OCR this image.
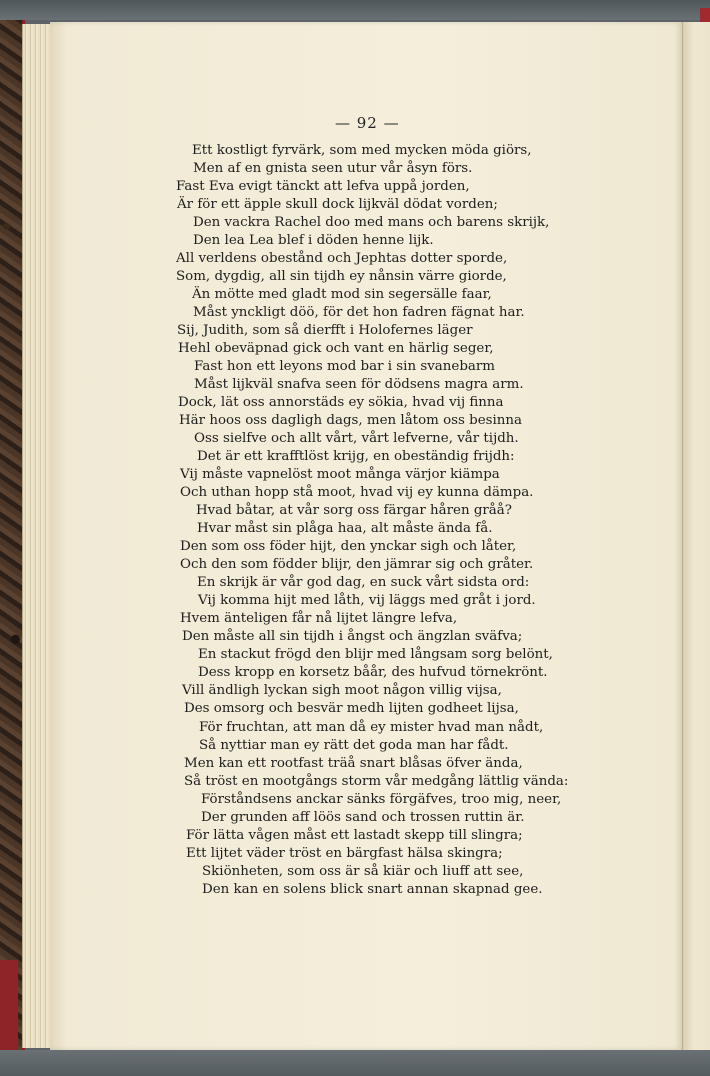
— 92 —
Ett kostligt fyrvärk, som med mycken möda giörs,
Men af en gnista seen utur vår åsyn förs.
Fast Eva evigt tänckt att lefva uppå jorden,
Är för ett äpple skull dock lijkväl dödat vorden;
Den vackra Rachel doo med mans och barens skrijk,
Den lea Lea blef i döden henne lijk.
All verldens obestånd och Jephtas dotter sporde,
Som, dygdig, all sin tijdh ey nånsin värre giorde,
Än mötte med gladt mod sin segersälle faar,
Måst ynckligt döö, för det hon fadren fägnat har.
Sij, Judith, som så dierfft i Holofernes läger
Hehl obeväpnad gick och vant en härlig seger,
Fast hon ett leyons mod bar i sin svanebarm
Måst lijkväl snafva seen för dödsens magra arm.
Dock, lät oss annorstäds ey sökia, hvad vij finna
Här hoos oss dagligh dags, men låtom oss besinna
Oss sielfve och allt vårt, vårt lefverne, vår tijdh.
Det är ett krafftlöst krijg, en obeständig frijdh:
Vij måste vapnelöst moot många värjor kiämpa
Och uthan hopp stå moot, hvad vij ey kunna dämpa.
Hvad båtar, at vår sorg oss färgar håren gråå?
Hvar måst sin plåga haa, alt måste ända få.
Den som oss föder hijt, den ynckar sigh och låter,
Och den som födder blijr, den jämrar sig och gråter.
En skrijk är vår god dag, en suck vårt sidsta ord:
Vij komma hijt med låth, vij läggs med gråt i jord.
Hvem änteligen får nå lijtet längre lefva,
Den måste all sin tijdh i ångst och ängzlan sväfva;
En stackut frögd den blijr med långsam sorg belönt,
Dess kropp en korsetz båår, des hufvud törnekrönt.
Vill ändligh lyckan sigh moot någon villig vijsa,
Des omsorg och besvär medh lijten godheet lijsa,
För fruchtan, att man då ey mister hvad man nådt,
Så nyttiar man ey rätt det goda man har fådt.
Men kan ett rootfast träå snart blåsas öfver ända,
Så tröst en mootgångs storm vår medgång lättlig vända:
Förståndsens anckar sänks förgäfves, troo mig, neer,
Der grunden aff löös sand och trossen ruttin är.
För lätta vågen måst ett lastadt skepp till slingra;
Ett lijtet väder tröst en bärgfast hälsa skingra;
Skiönheten, som oss är så kiär och liuff att see,
Den kan en solens blick snart annan skapnad gee.
